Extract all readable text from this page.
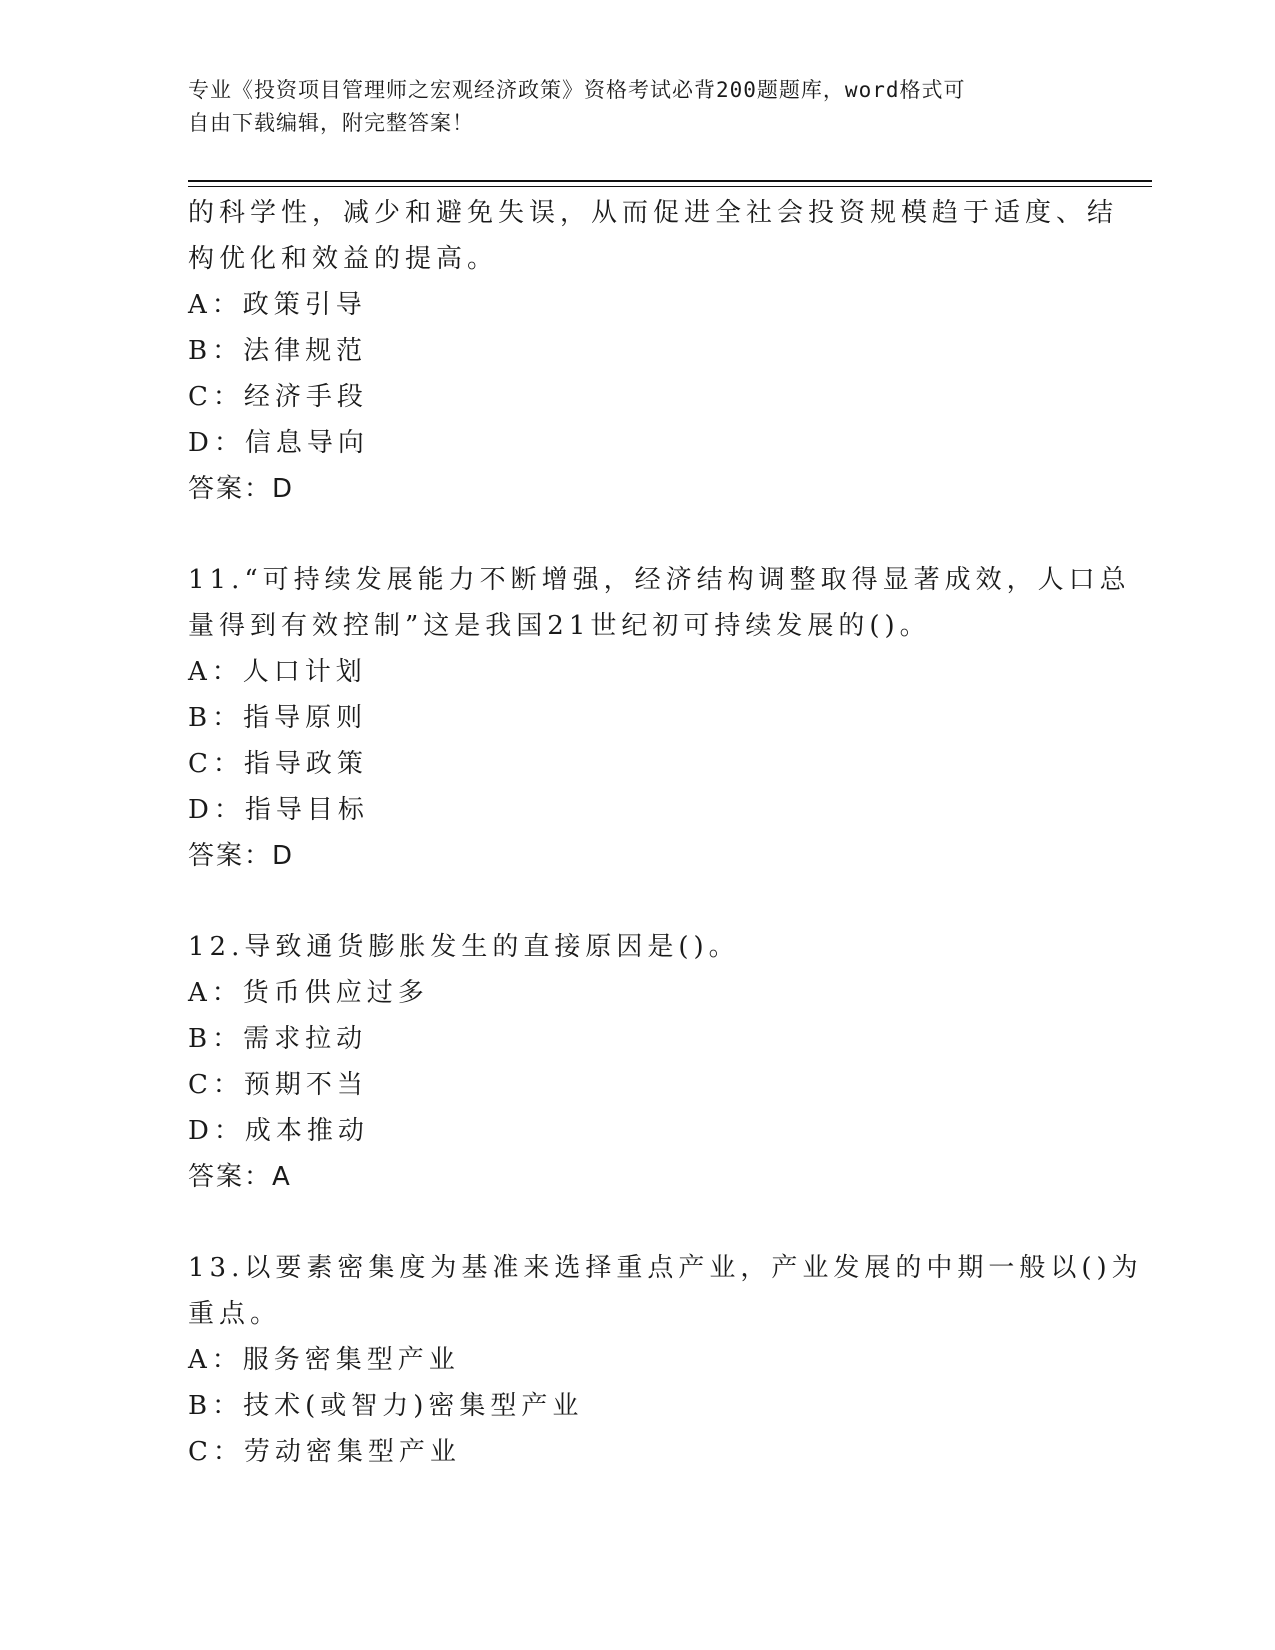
专业《投资项目管理师之宏观经济政策》资格考试必背200题题库，word格式可
自由下载编辑，附完整答案！
的科学性，减少和避免失误，从而促进全社会投资规模趋于适度、结
构优化和效益的提高。
A：政策引导
B：法律规范
C：经济手段
D：信息导向
答案：D
11.“可持续发展能力不断增强，经济结构调整取得显著成效，人口总
量得到有效控制”这是我国21世纪初可持续发展的()。
A：人口计划
B：指导原则
C：指导政策
D：指导目标
答案：D
12.导致通货膨胀发生的直接原因是()。
A：货币供应过多
B：需求拉动
C：预期不当
D：成本推动
答案：A
13.以要素密集度为基准来选择重点产业，产业发展的中期一般以()为
重点。
A：服务密集型产业
B：技术(或智力)密集型产业
C：劳动密集型产业
